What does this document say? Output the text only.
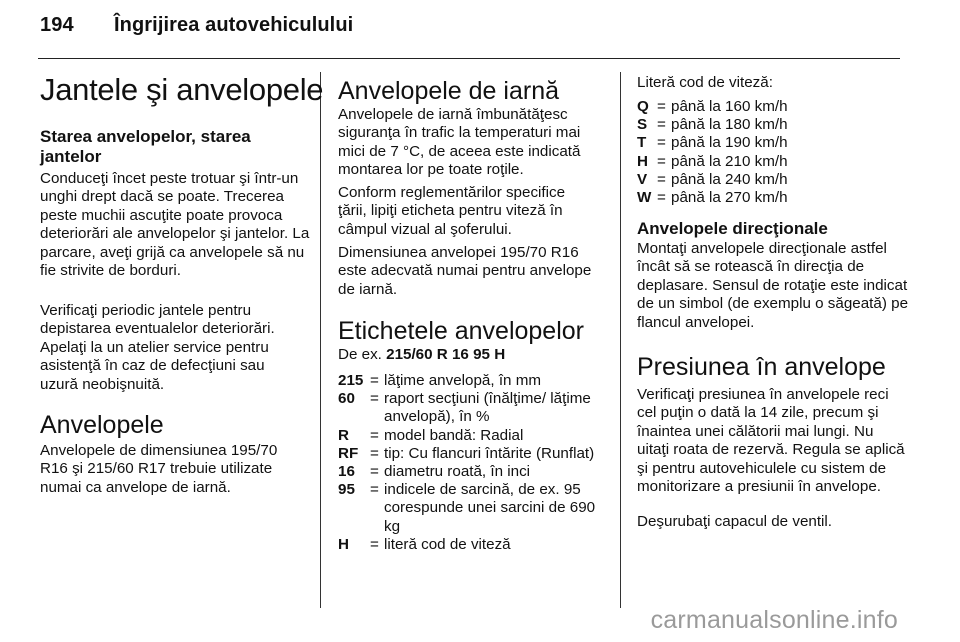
194 Îngrijirea autovehiculului
Jantele şi anvelopele
Starea anvelopelor, starea jantelor
Conduceţi încet peste trotuar şi într-un unghi drept dacă se poate. Trecerea peste muchii ascuţite poate provoca deteriorări ale anvelopelor şi jantelor. La parcare, aveţi grijă ca anvelopele să nu fie strivite de borduri.
Verificaţi periodic jantele pentru depistarea eventualelor deteriorări. Apelaţi la un atelier service pentru asistenţă în caz de defecţiuni sau uzură neobişnuită.
Anvelopele
Anvelopele de dimensiunea 195/70 R16 şi 215/60 R17 trebuie utilizate numai ca anvelope de iarnă.
Anvelopele de iarnă
Anvelopele de iarnă îmbunătăţesc siguranţa în trafic la temperaturi mai mici de 7 °C, de aceea este indicată montarea lor pe toate roţile.
Conform reglementărilor specifice ţării, lipiţi eticheta pentru viteză în câmpul vizual al şoferului.
Dimensiunea anvelopei 195/70 R16 este adecvată numai pentru anvelope de iarnă.
Etichetele anvelopelor
De ex. 215/60 R 16 95 H
215 = lăţime anvelopă, în mm
60 = raport secţiuni (înălţime/ lăţime anvelopă), în %
R	= model bandă: Radial
RF = tip: Cu flancuri întărite (Runflat)
16 = diametru roată, în inci
95 = indicele de sarcină, de ex. 95 corespunde unei sarcini de 690 kg
H	= literă cod de viteză
Literă cod de viteză:
Q = până la 160 km/h
S = până la 180 km/h
T = până la 190 km/h
H = până la 210 km/h
V = până la 240 km/h
W = până la 270 km/h
Anvelopele direcţionale
Montaţi anvelopele direcţionale astfel încât să se rotească în direcţia de deplasare. Sensul de rotaţie este indicat de un simbol (de exemplu o săgeată) pe flancul anvelopei.
Presiunea în anvelope
Verificaţi presiunea în anvelopele reci cel puţin o dată la 14 zile, precum şi înaintea unei călătorii mai lungi. Nu uitaţi roata de rezervă. Regula se aplică şi pentru autovehiculele cu sistem de monitorizare a presiunii în anvelope.
Deşurubaţi capacul de ventil.
carmanualsonline.info
